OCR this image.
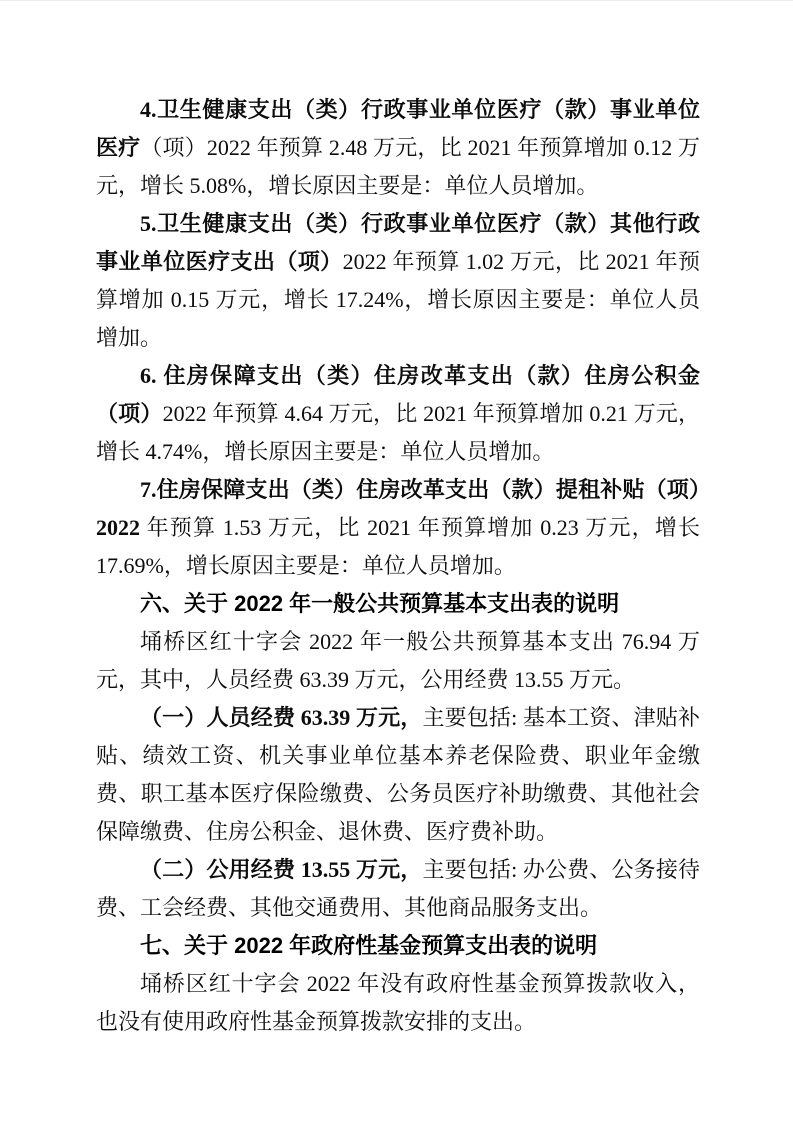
4.卫生健康支出（类）行政事业单位医疗（款）事业单位医疗（项）2022 年预算 2.48 万元，比 2021 年预算增加 0.12 万元，增长 5.08%，增长原因主要是：单位人员增加。

5.卫生健康支出（类）行政事业单位医疗（款）其他行政事业单位医疗支出（项）2022 年预算 1.02 万元，比 2021 年预算增加 0.15 万元，增长 17.24%，增长原因主要是：单位人员增加。

6. 住房保障支出（类）住房改革支出（款）住房公积金（项）2022 年预算 4.64 万元，比 2021 年预算增加 0.21 万元，增长 4.74%，增长原因主要是：单位人员增加。

7.住房保障支出（类）住房改革支出（款）提租补贴（项）2022 年预算 1.53 万元，比 2021 年预算增加 0.23 万元，增长 17.69%，增长原因主要是：单位人员增加。

六、关于 2022 年一般公共预算基本支出表的说明

埇桥区红十字会 2022 年一般公共预算基本支出 76.94 万元，其中，人员经费 63.39 万元，公用经费 13.55 万元。

（一）人员经费 63.39 万元，主要包括: 基本工资、津贴补贴、绩效工资、机关事业单位基本养老保险费、职业年金缴费、职工基本医疗保险缴费、公务员医疗补助缴费、其他社会保障缴费、住房公积金、退休费、医疗费补助。

（二）公用经费 13.55 万元，主要包括: 办公费、公务接待费、工会经费、其他交通费用、其他商品服务支出。

七、关于 2022 年政府性基金预算支出表的说明

埇桥区红十字会 2022 年没有政府性基金预算拨款收入，也没有使用政府性基金预算拨款安排的支出。
